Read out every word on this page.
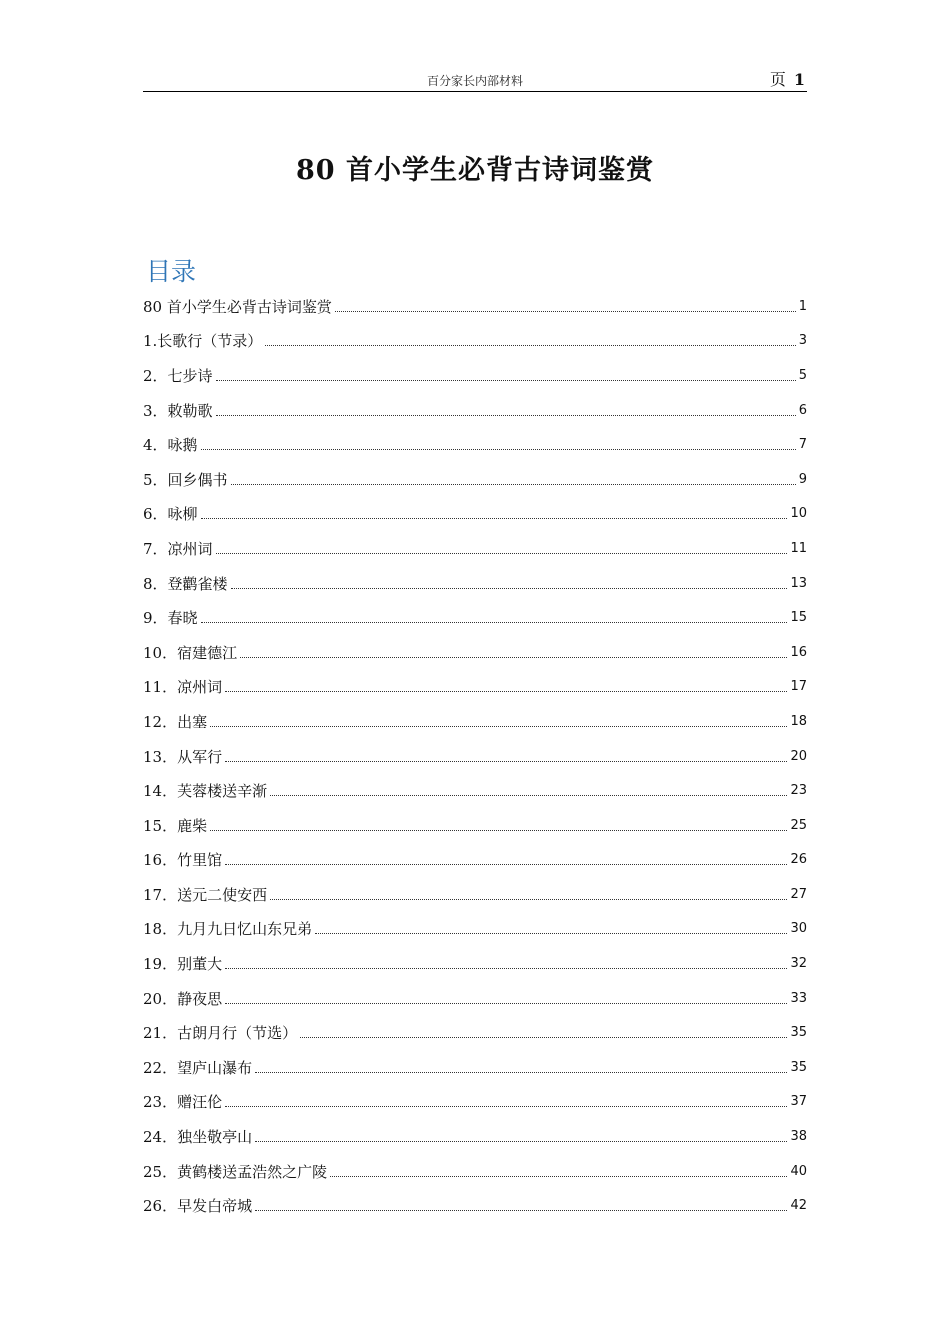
百分家长内部材料	页 1
80 首小学生必背古诗词鉴赏
目录
80 首小学生必背古诗词鉴赏	1
1.长歌行（节录）	3
2．七步诗	5
3．敕勒歌	6
4．咏鹅	7
5．回乡偶书	9
6．咏柳	10
7．凉州词	11
8．登鹳雀楼	13
9．春晓	15
10．宿建德江	16
11．凉州词	17
12．出塞	18
13．从军行	20
14．芙蓉楼送辛渐	23
15．鹿柴	25
16．竹里馆	26
17．送元二使安西	27
18．九月九日忆山东兄弟	30
19．别董大	32
20．静夜思	33
21．古朗月行（节选）	35
22．望庐山瀑布	35
23．赠汪伦	37
24．独坐敬亭山	38
25．黄鹤楼送孟浩然之广陵	40
26．早发白帝城	42
